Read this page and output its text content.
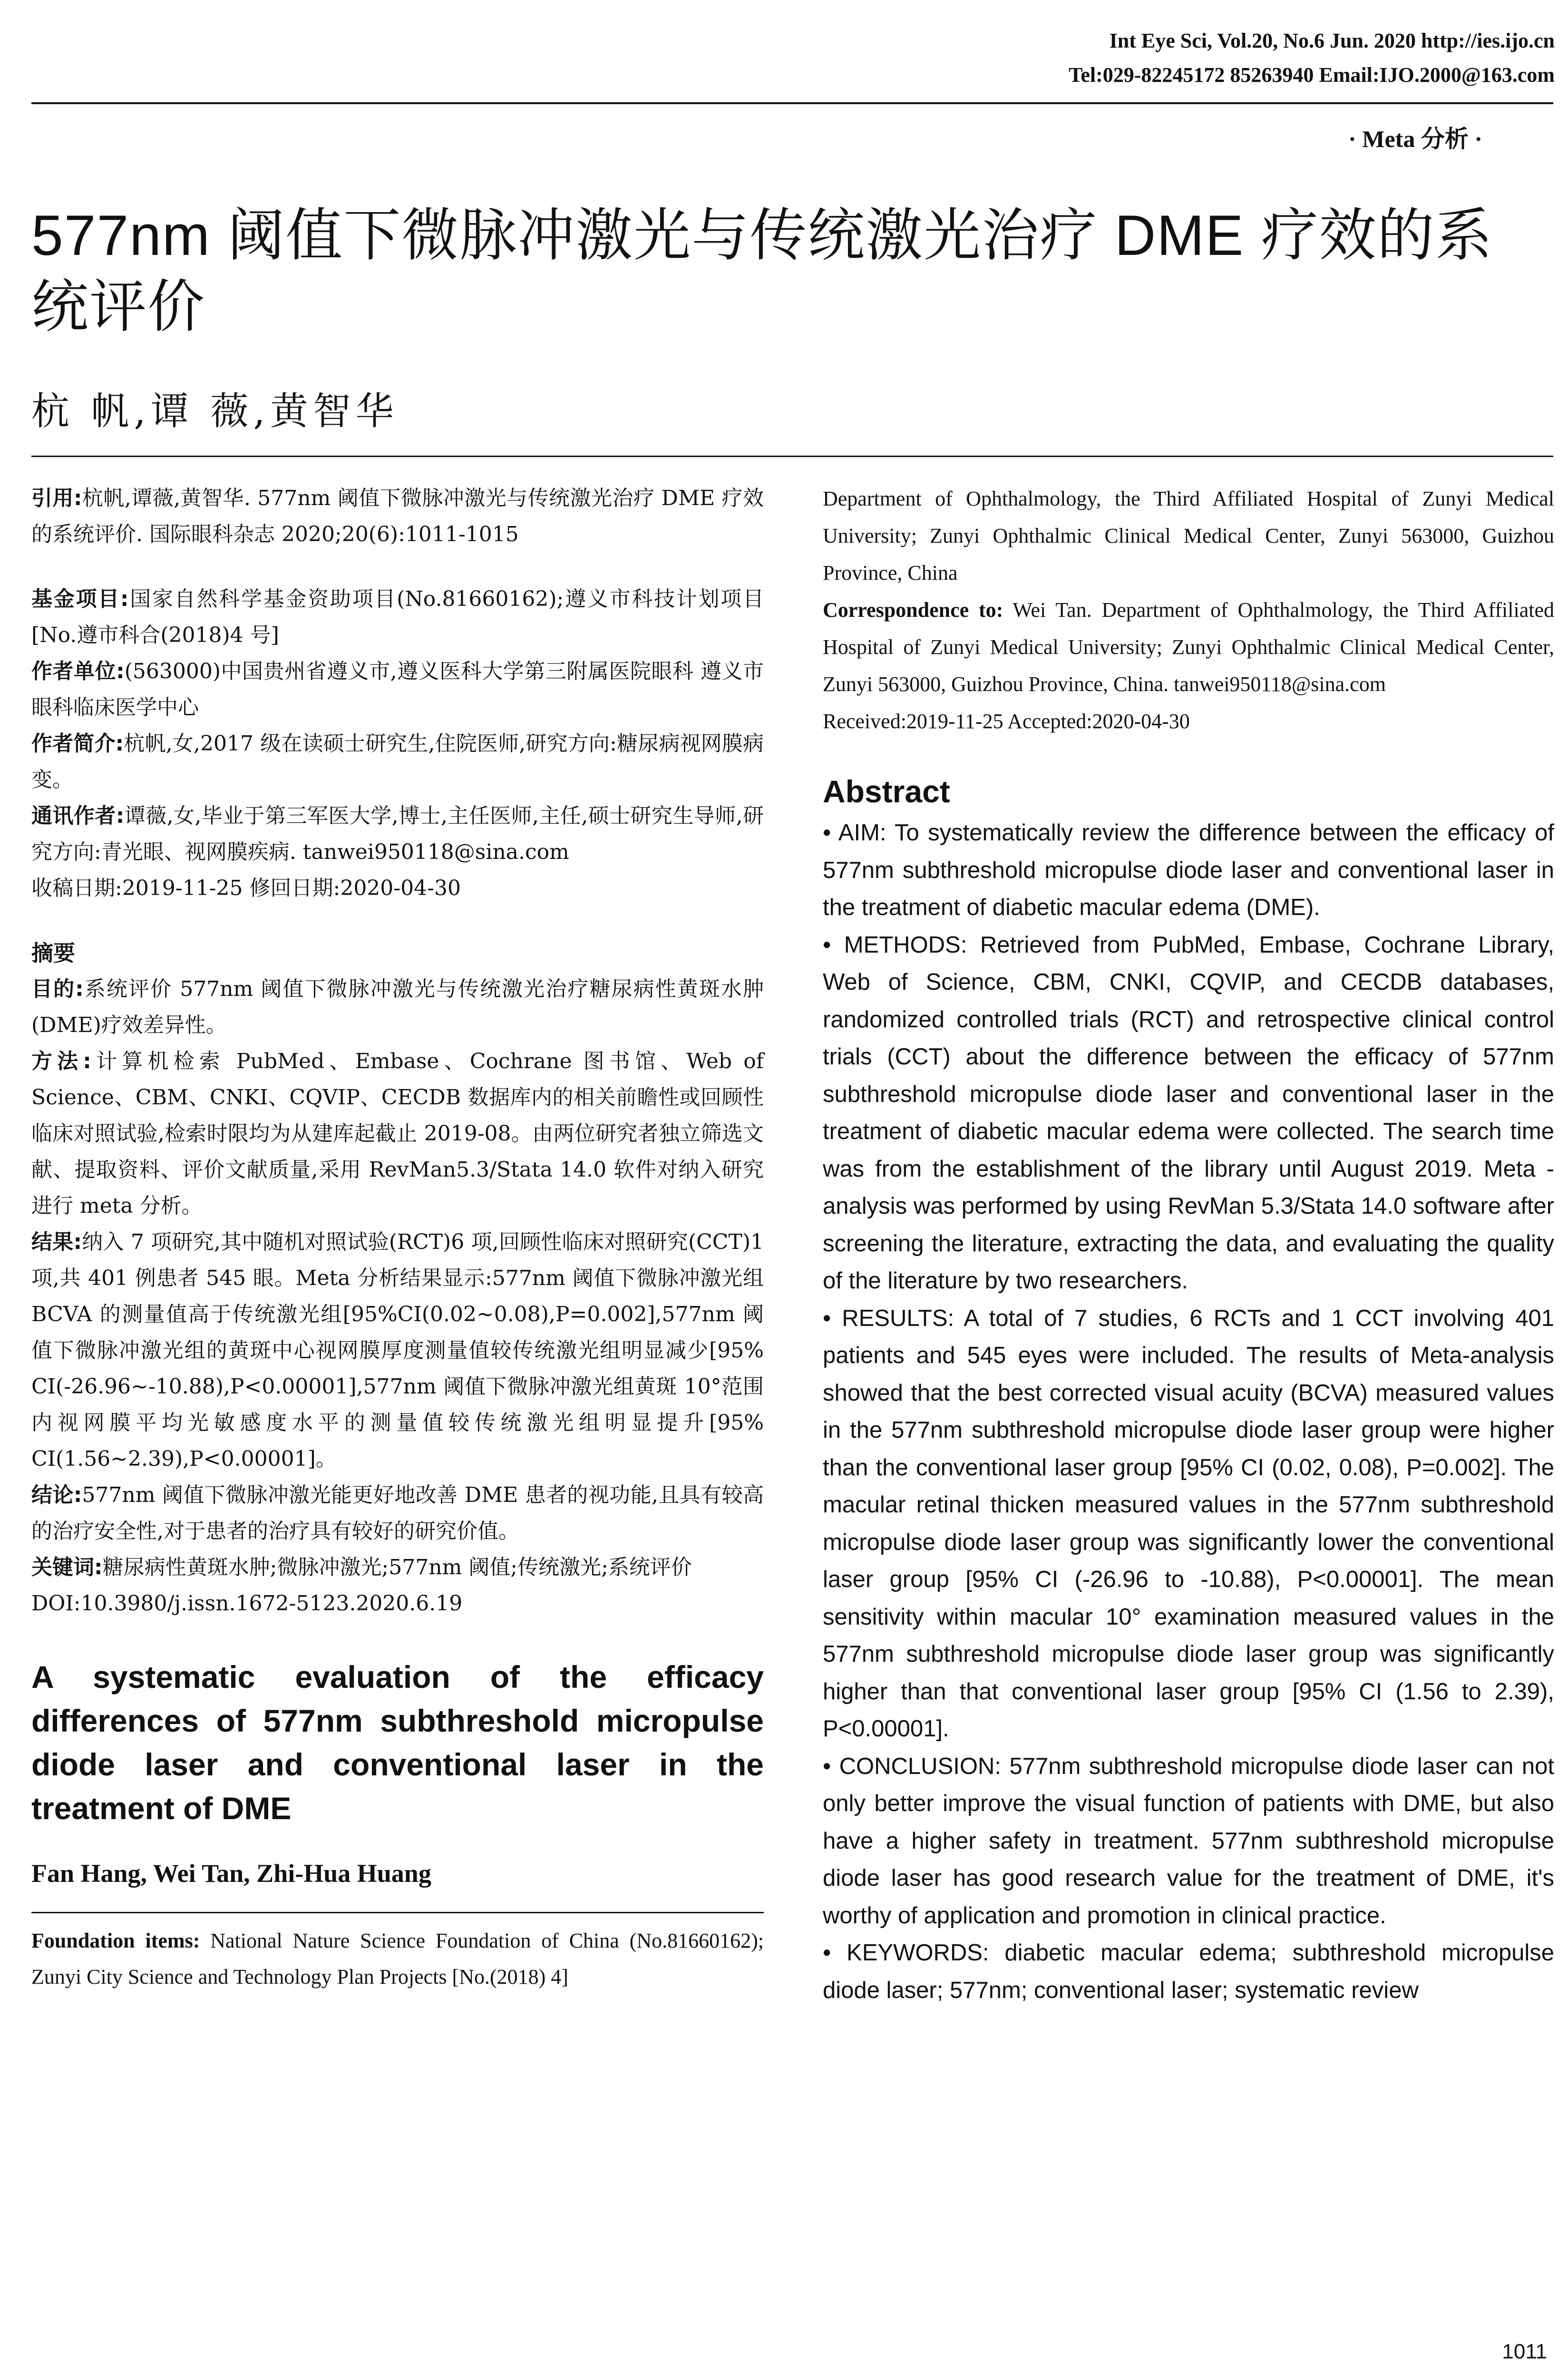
Int Eye Sci, Vol.20, No.6 Jun. 2020 http://ies.ijo.cn
Tel:029-82245172 85263940 Email:IJO.2000@163.com
· Meta 分析 ·
577nm 阈值下微脉冲激光与传统激光治疗 DME 疗效的系统评价
杭 帆,谭 薇,黄智华

引用:杭帆,谭薇,黄智华. 577nm 阈值下微脉冲激光与传统激光治疗 DME 疗效的系统评价. 国际眼科杂志 2020;20(6):1011-1015

基金项目:国家自然科学基金资助项目(No.81660162);遵义市科技计划项目[No.遵市科合(2018)4 号]

作者单位:(563000)中国贵州省遵义市,遵义医科大学第三附属医院眼科 遵义市眼科临床医学中心

作者简介:杭帆,女,2017 级在读硕士研究生,住院医师,研究方向:糖尿病视网膜病变。

通讯作者:谭薇,女,毕业于第三军医大学,博士,主任医师,主任,硕士研究生导师,研究方向:青光眼、视网膜疾病. tanwei950118@sina.com

收稿日期:2019-11-25 修回日期:2020-04-30

摘要

目的:系统评价 577nm 阈值下微脉冲激光与传统激光治疗糖尿病性黄斑水肿(DME)疗效差异性。

方法:计算机检索 PubMed、Embase、Cochrane 图书馆、Web of Science、CBM、CNKI、CQVIP、CECDB 数据库内的相关前瞻性或回顾性临床对照试验,检索时限均为从建库起截止 2019-08。由两位研究者独立筛选文献、提取资料、评价文献质量,采用 RevMan5.3/Stata 14.0 软件对纳入研究进行 meta 分析。

结果:纳入 7 项研究,其中随机对照试验(RCT)6 项,回顾性临床对照研究(CCT)1 项,共 401 例患者 545 眼。Meta 分析结果显示:577nm 阈值下微脉冲激光组 BCVA 的测量值高于传统激光组[95%CI(0.02~0.08),P=0.002],577nm 阈值下微脉冲激光组的黄斑中心视网膜厚度测量值较传统激光组明显减少[95% CI(-26.96~-10.88),P<0.00001],577nm 阈值下微脉冲激光组黄斑 10°范围内视网膜平均光敏感度水平的测量值较传统激光组明显提升[95% CI(1.56~2.39),P<0.00001]。

结论:577nm 阈值下微脉冲激光能更好地改善 DME 患者的视功能,且具有较高的治疗安全性,对于患者的治疗具有较好的研究价值。

关键词:糖尿病性黄斑水肿;微脉冲激光;577nm 阈值;传统激光;系统评价

DOI:10.3980/j.issn.1672-5123.2020.6.19

A systematic evaluation of the efficacy differences of 577nm subthreshold micropulse diode laser and conventional laser in the treatment of DME
Fan Hang, Wei Tan, Zhi-Hua Huang
Foundation items: National Nature Science Foundation of China (No.81660162); Zunyi City Science and Technology Plan Projects [No.(2018) 4]

Department of Ophthalmology, the Third Affiliated Hospital of Zunyi Medical University; Zunyi Ophthalmic Clinical Medical Center, Zunyi 563000, Guizhou Province, China

Correspondence to: Wei Tan. Department of Ophthalmology, the Third Affiliated Hospital of Zunyi Medical University; Zunyi Ophthalmic Clinical Medical Center, Zunyi 563000, Guizhou Province, China. tanwei950118@sina.com

Received:2019-11-25 Accepted:2020-04-30

Abstract

• AIM: To systematically review the difference between the efficacy of 577nm subthreshold micropulse diode laser and conventional laser in the treatment of diabetic macular edema (DME).

• METHODS: Retrieved from PubMed, Embase, Cochrane Library, Web of Science, CBM, CNKI, CQVIP, and CECDB databases, randomized controlled trials (RCT) and retrospective clinical control trials (CCT) about the difference between the efficacy of 577nm subthreshold micropulse diode laser and conventional laser in the treatment of diabetic macular edema were collected. The search time was from the establishment of the library until August 2019. Meta - analysis was performed by using RevMan 5.3/Stata 14.0 software after screening the literature, extracting the data, and evaluating the quality of the literature by two researchers.

• RESULTS: A total of 7 studies, 6 RCTs and 1 CCT involving 401 patients and 545 eyes were included. The results of Meta-analysis showed that the best corrected visual acuity (BCVA) measured values in the 577nm subthreshold micropulse diode laser group were higher than the conventional laser group [95% CI (0.02, 0.08), P=0.002]. The macular retinal thicken measured values in the 577nm subthreshold micropulse diode laser group was significantly lower the conventional laser group [95% CI (-26.96 to -10.88), P<0.00001]. The mean sensitivity within macular 10° examination measured values in the 577nm subthreshold micropulse diode laser group was significantly higher than that conventional laser group [95% CI (1.56 to 2.39), P<0.00001].

• CONCLUSION: 577nm subthreshold micropulse diode laser can not only better improve the visual function of patients with DME, but also have a higher safety in treatment. 577nm subthreshold micropulse diode laser has good research value for the treatment of DME, it's worthy of application and promotion in clinical practice.

• KEYWORDS: diabetic macular edema; subthreshold micropulse diode laser; 577nm; conventional laser; systematic review

1011
